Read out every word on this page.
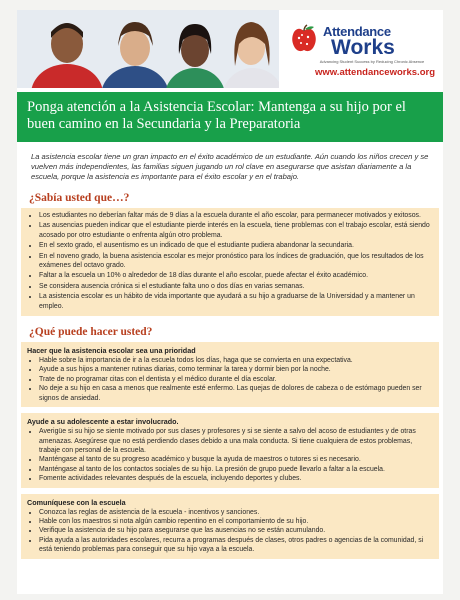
Attendance
Works
Advancing Student Success by Reducing Chronic Absence
www.attendanceworks.org
Ponga atención a la Asistencia Escolar: Mantenga a su hijo por el buen camino en la Secundaria y la Preparatoria
La asistencia escolar tiene un gran impacto en el éxito académico de un estudiante. Aún cuando los niños crecen y se vuelven más independientes, las familias siguen jugando un rol clave en asegurarse que asistan diariamente a la escuela, porque la asistencia es importante para el éxito escolar y en el trabajo.
¿Sabía usted que…?
• Los estudiantes no deberían faltar más de 9 días a la escuela durante el año escolar, para permanecer motivados y exitosos.
• Las ausencias pueden indicar que el estudiante pierde interés en la escuela, tiene problemas con el trabajo escolar, está siendo acosado por otro estudiante o enfrenta algún otro problema.
• En el sexto grado, el ausentismo es un indicado de que el estudiante pudiera abandonar la secundaria.
• En el noveno grado, la buena asistencia escolar es mejor pronóstico para los índices de graduación, que los resultados de los exámenes del octavo grado.
• Faltar a la escuela un 10% o alrededor de 18 días durante el año escolar, puede afectar el éxito académico.
• Se considera ausencia crónica si el estudiante falta uno o dos días en varias semanas.
• La asistencia escolar es un hábito de vida importante que ayudará a su hijo a graduarse de la Universidad y a mantener un empleo.
¿Qué puede hacer usted?
Hacer que la asistencia escolar sea una prioridad
• Hable sobre la importancia de ir a la escuela todos los días, haga que se convierta en una expectativa.
• Ayude a sus hijos a mantener rutinas diarias, como terminar la tarea y dormir bien por la noche.
• Trate de no programar citas con el dentista y el médico durante el día escolar.
• No deje a su hijo en casa a menos que realmente esté enfermo. Las quejas de dolores de cabeza o de estómago pueden ser signos de ansiedad.
Ayude a su adolescente a estar involucrado.
• Averigüe si su hijo se siente motivado por sus clases y profesores y si se siente a salvo del acoso de estudiantes y de otras amenazas. Asegúrese que no está perdiendo clases debido a una mala conducta. Si tiene cualquiera de estos problemas, trabaje con personal de la escuela.
• Manténgase al tanto de su progreso académico y busque la ayuda de maestros o tutores si es necesario.
• Manténgase al tanto de los contactos sociales de su hijo. La presión de grupo puede llevarlo a faltar a la escuela.
• Fomente actividades relevantes después de la escuela, incluyendo deportes y clubes.
Comuníquese con la escuela
• Conozca las reglas de asistencia de la escuela - incentivos y sanciones.
• Hable con los maestros si nota algún cambio repentino en el comportamiento de su hijo.
• Verifique la asistencia de su hijo para asegurarse que las ausencias no se están acumulando.
• Pida ayuda a las autoridades escolares, recurra a programas después de clases, otros padres o agencias de la comunidad, si está teniendo problemas para conseguir que su hijo vaya a la escuela.
